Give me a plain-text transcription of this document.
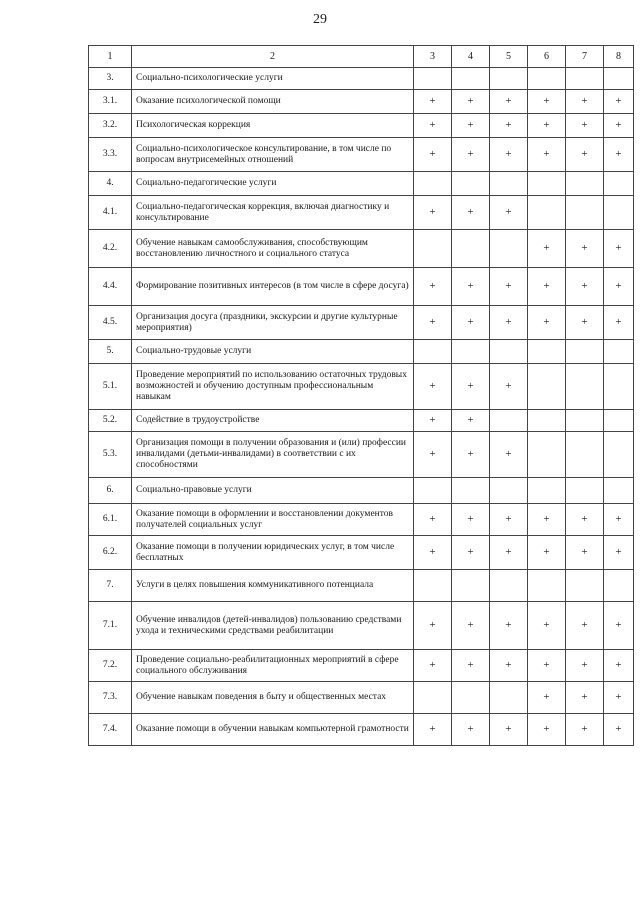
29
1	2	3	4	5	6	7	8
3.	Социально-психологические услуги						
3.1.	Оказание психологической помощи	+	+	+	+	+	+
3.2.	Психологическая коррекция	+	+	+	+	+	+
3.3.	Социально-психологическое консультирование, в том числе по вопросам внутрисемейных отношений	+	+	+	+	+	+
4.	Социально-педагогические услуги						
4.1.	Социально-педагогическая коррекция, включая диагностику и консультирование	+	+	+			
4.2.	Обучение навыкам самообслуживания, способствующим восстановлению личностного и социального статуса				+	+	+
4.4.	Формирование позитивных интересов (в том числе в сфере досуга)	+	+	+	+	+	+
4.5.	Организация досуга (праздники, экскурсии и другие культурные мероприятия)	+	+	+	+	+	+
5.	Социально-трудовые услуги						
5.1.	Проведение мероприятий по использованию остаточных трудовых возможностей и обучению доступным профессиональным навыкам	+	+	+			
5.2.	Содействие в трудоустройстве	+	+				
5.3.	Организация помощи в получении образования и (или) профессии инвалидами (детьми-инвалидами) в соответствии с их способностями	+	+	+			
6.	Социально-правовые услуги						
6.1.	Оказание помощи в оформлении и восстановлении документов получателей социальных услуг	+	+	+	+	+	+
6.2.	Оказание помощи в получении юридических услуг, в том числе бесплатных	+	+	+	+	+	+
7.	Услуги в целях повышения коммуникативного потенциала						
7.1.	Обучение инвалидов (детей-инвалидов) пользованию средствами ухода и техническими средствами реабилитации	+	+	+	+	+	+
7.2.	Проведение социально-реабилитационных мероприятий в сфере социального обслуживания	+	+	+	+	+	+
7.3.	Обучение навыкам поведения в быту и общественных местах				+	+	+
7.4.	Оказание помощи в обучении навыкам компьютерной грамотности	+	+	+	+	+	+
